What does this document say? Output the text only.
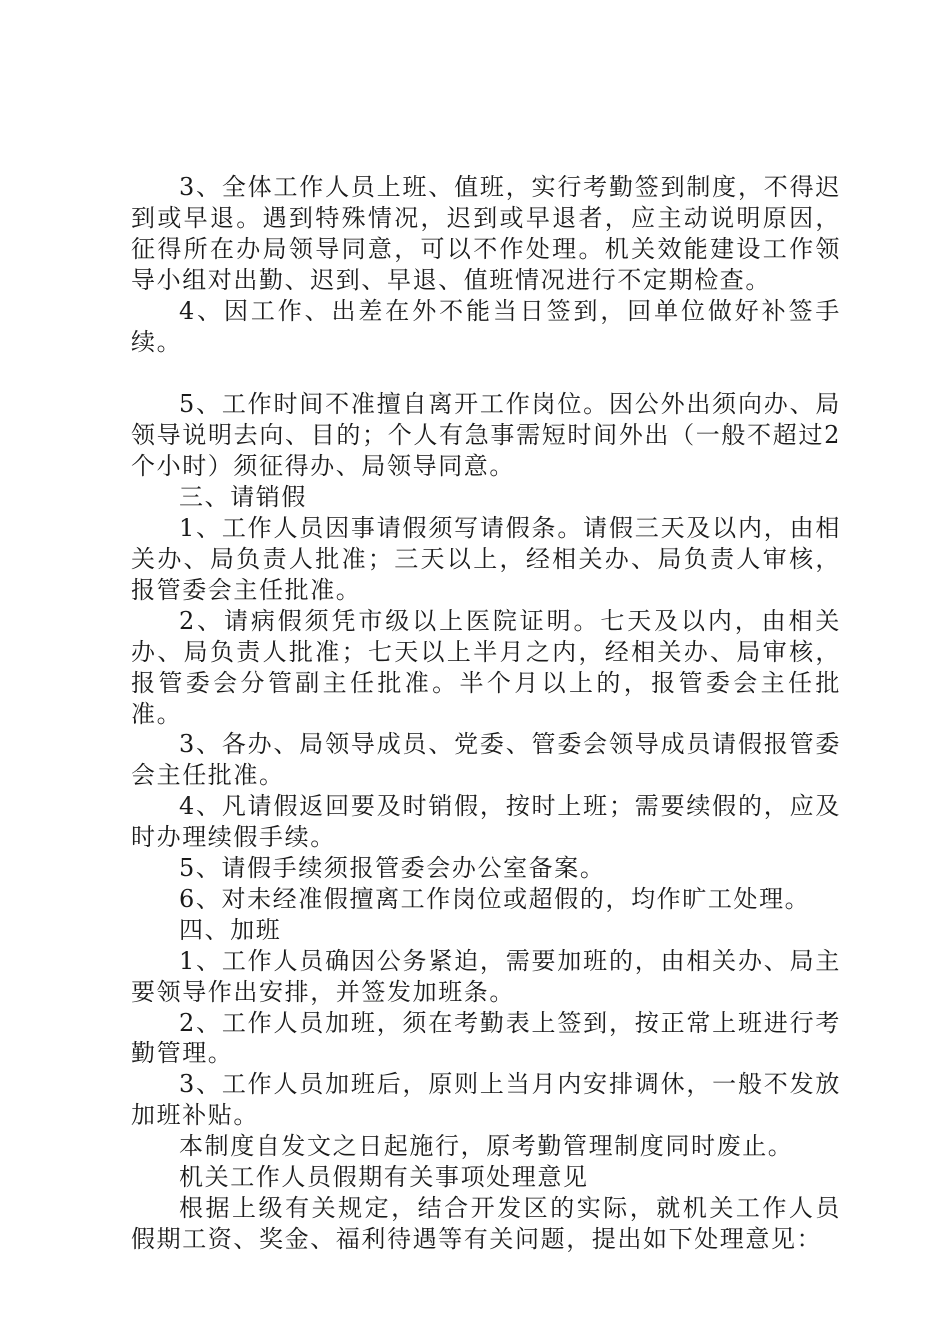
3、全体工作人员上班、值班，实行考勤签到制度，不得迟到或早退。遇到特殊情况，迟到或早退者，应主动说明原因，征得所在办局领导同意，可以不作处理。机关效能建设工作领导小组对出勤、迟到、早退、值班情况进行不定期检查。

4、因工作、出差在外不能当日签到，回单位做好补签手续。

5、工作时间不准擅自离开工作岗位。因公外出须向办、局领导说明去向、目的；个人有急事需短时间外出（一般不超过2个小时）须征得办、局领导同意。

三、请销假

1、工作人员因事请假须写请假条。请假三天及以内，由相关办、局负责人批准；三天以上，经相关办、局负责人审核，报管委会主任批准。

2、请病假须凭市级以上医院证明。七天及以内，由相关办、局负责人批准；七天以上半月之内，经相关办、局审核，报管委会分管副主任批准。半个月以上的，报管委会主任批准。

3、各办、局领导成员、党委、管委会领导成员请假报管委会主任批准。

4、凡请假返回要及时销假，按时上班；需要续假的，应及时办理续假手续。

5、请假手续须报管委会办公室备案。

6、对未经准假擅离工作岗位或超假的，均作旷工处理。

四、加班

1、工作人员确因公务紧迫，需要加班的，由相关办、局主要领导作出安排，并签发加班条。

2、工作人员加班，须在考勤表上签到，按正常上班进行考勤管理。

3、工作人员加班后，原则上当月内安排调休，一般不发放加班补贴。

本制度自发文之日起施行，原考勤管理制度同时废止。

机关工作人员假期有关事项处理意见

根据上级有关规定，结合开发区的实际，就机关工作人员假期工资、奖金、福利待遇等有关问题，提出如下处理意见：
